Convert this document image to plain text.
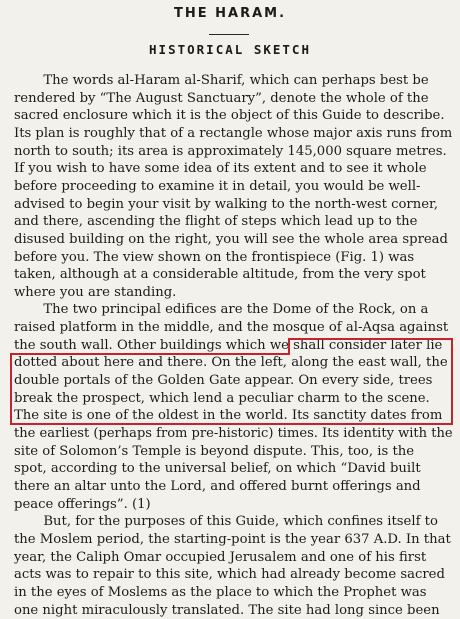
THE HARAM.
HISTORICAL SKETCH
The words al-Haram al-Sharif, which can perhaps best be
rendered by “The August Sanctuary”, denote the whole of the
sacred enclosure which it is the object of this Guide to describe.
Its plan is roughly that of a rectangle whose major axis runs from
north to south; its area is approximately 145,000 square metres.
If you wish to have some idea of its extent and to see it whole
before proceeding to examine it in detail, you would be well-
advised to begin your visit by walking to the north-west corner,
and there, ascending the flight of steps which lead up to the
disused building on the right, you will see the whole area spread
before you. The view shown on the frontispiece (Fig. 1) was
taken, although at a considerable altitude, from the very spot
where you are standing.
The two principal edifices are the Dome of the Rock, on a
raised platform in the middle, and the mosque of al-Aqsa against
the south wall. Other buildings which we shall consider later lie
dotted about here and there. On the left, along the east wall, the
double portals of the Golden Gate appear. On every side, trees
break the prospect, which lend a peculiar charm to the scene.
The site is one of the oldest in the world. Its sanctity dates from
the earliest (perhaps from pre-historic) times. Its identity with the
site of Solomon’s Temple is beyond dispute. This, too, is the
spot, according to the universal belief, on which “David built
there an altar unto the Lord, and offered burnt offerings and
peace offerings”. (1)
But, for the purposes of this Guide, which confines itself to
the Moslem period, the starting-point is the year 637 A.D. In that
year, the Caliph Omar occupied Jerusalem and one of his first
acts was to repair to this site, which had already become sacred
in the eyes of Moslems as the place to which the Prophet was
one night miraculously translated. The site had long since been
